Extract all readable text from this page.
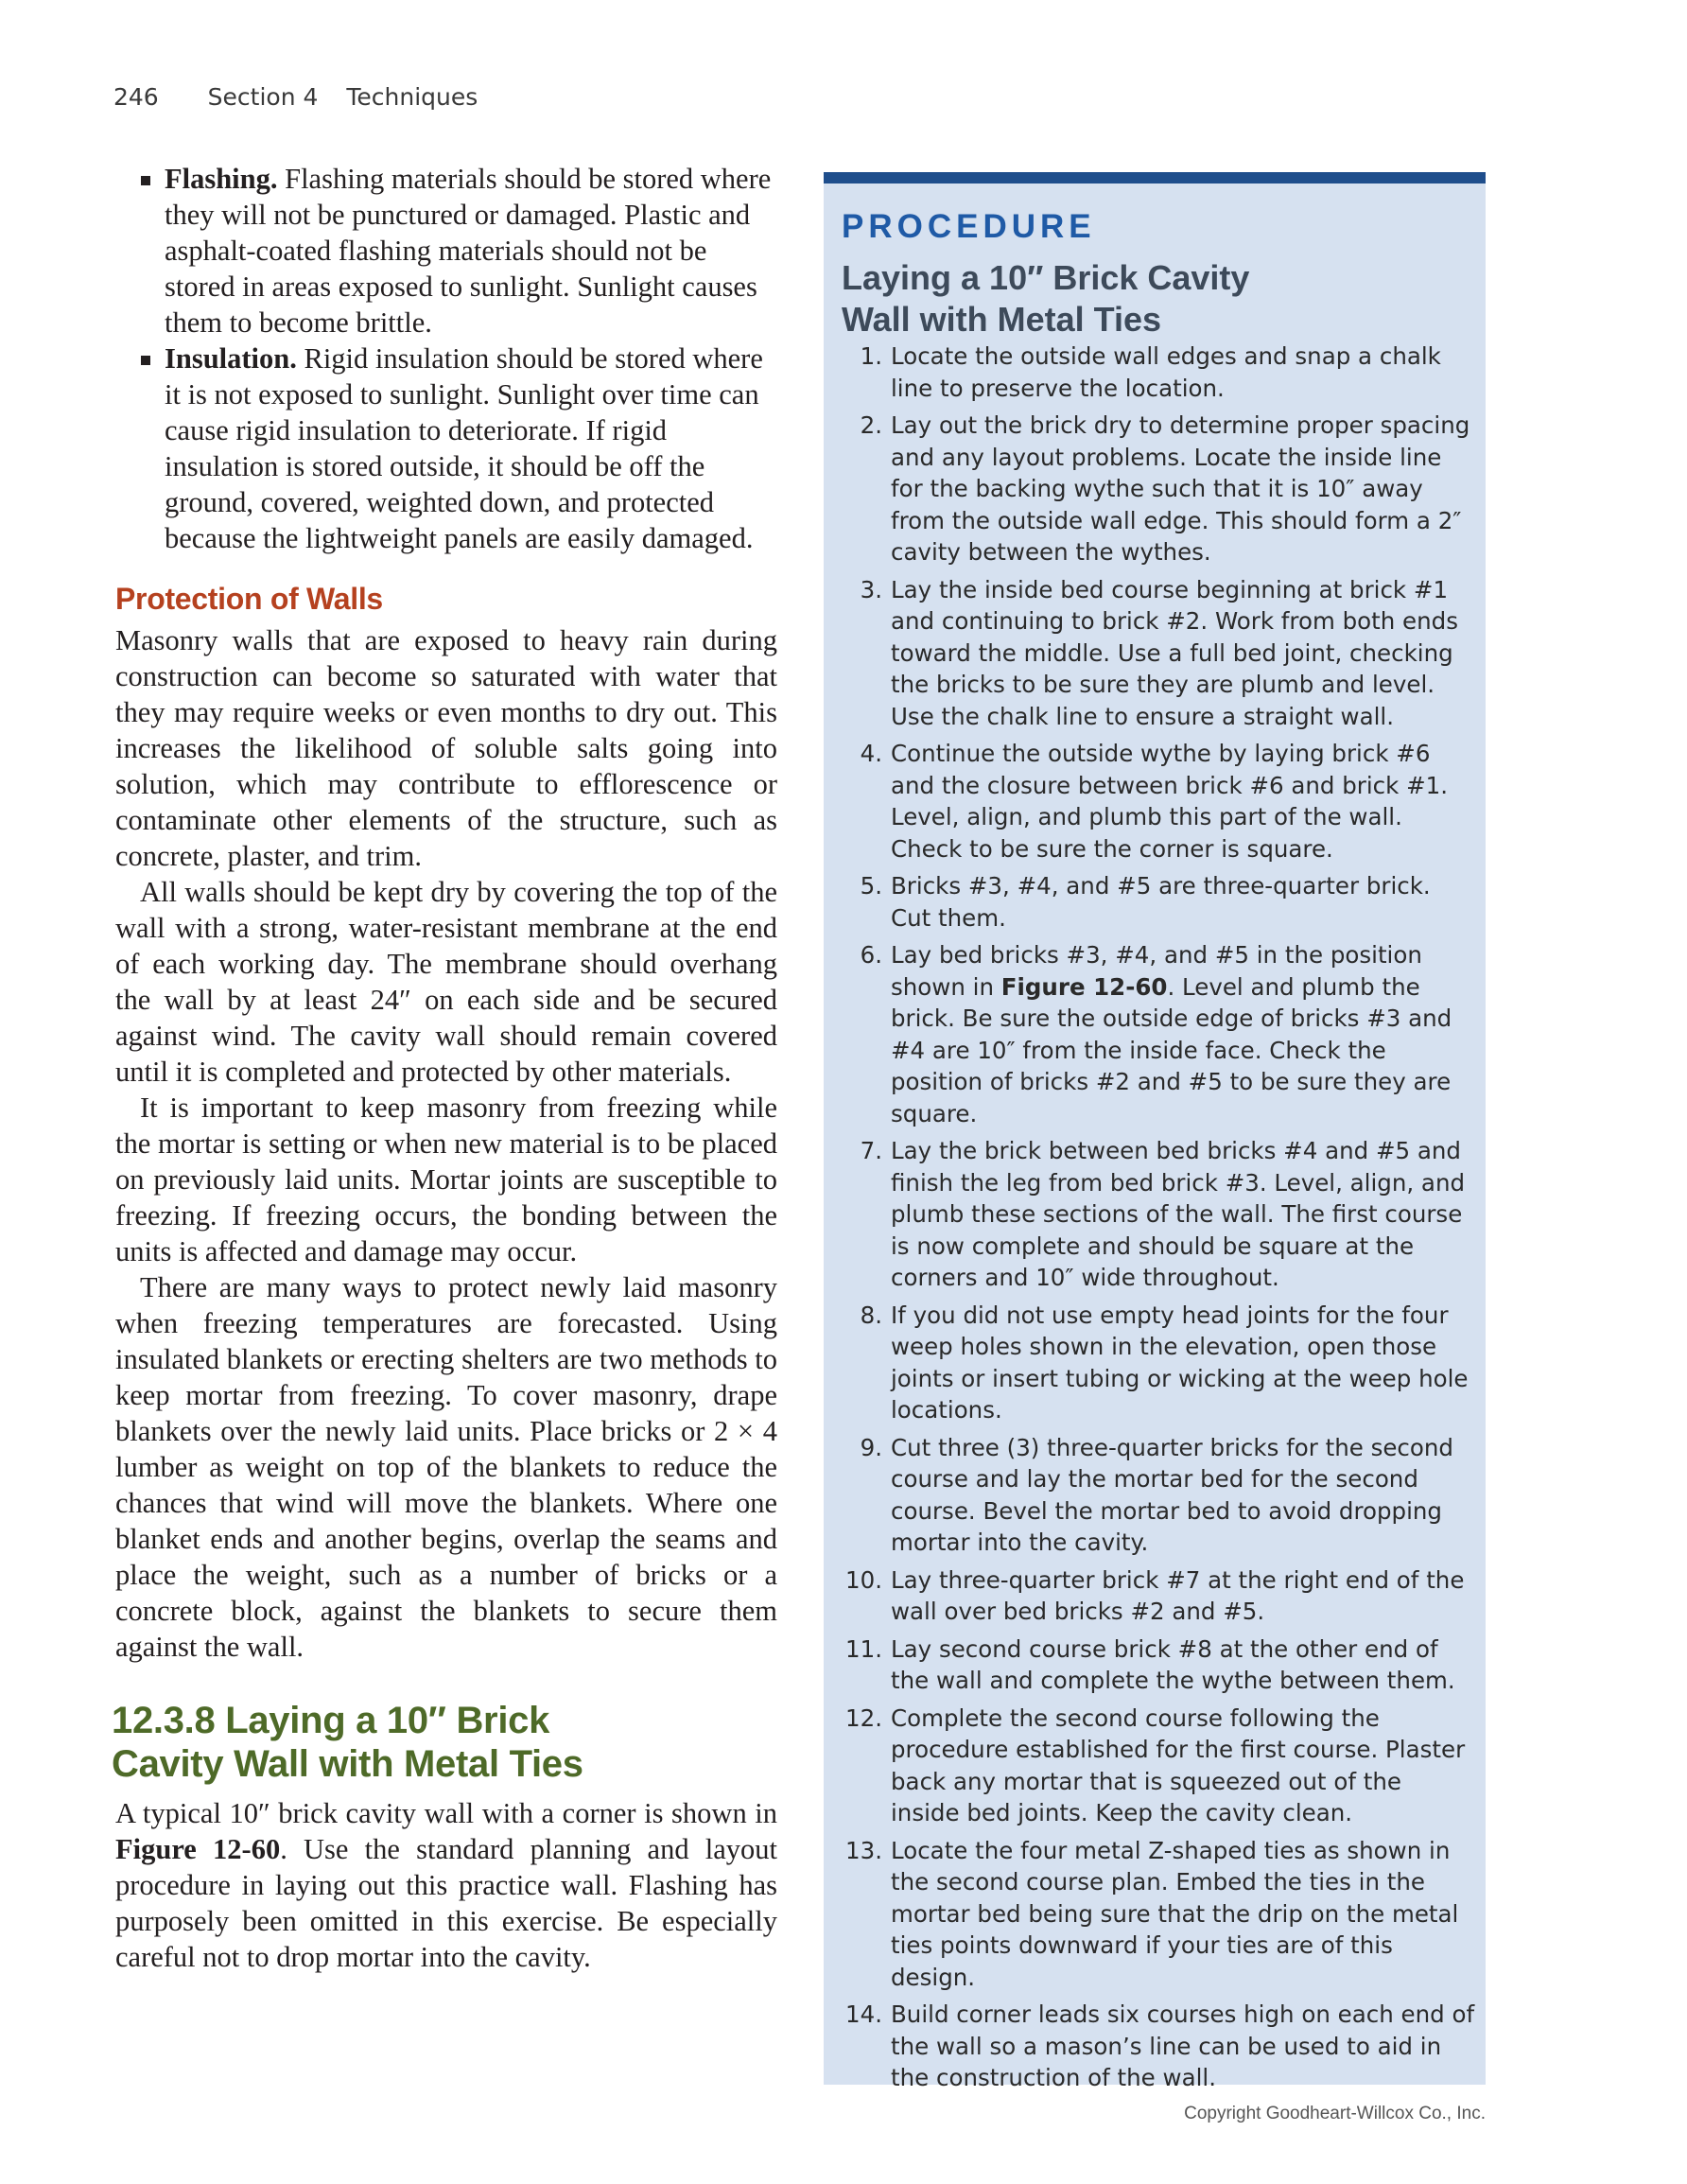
246 Section 4 Techniques
Flashing. Flashing materials should be stored where they will not be punctured or damaged. Plastic and asphalt-coated flashing materials should not be stored in areas exposed to sunlight. Sunlight causes them to become brittle.
Insulation. Rigid insulation should be stored where it is not exposed to sunlight. Sunlight over time can cause rigid insulation to deteriorate. If rigid insulation is stored outside, it should be off the ground, covered, weighted down, and protected because the lightweight panels are easily damaged.
Protection of Walls

Masonry walls that are exposed to heavy rain during construction can become so saturated with water that they may require weeks or even months to dry out. This increases the likelihood of soluble salts going into solution, which may contribute to efflorescence or contaminate other elements of the structure, such as concrete, plaster, and trim.

All walls should be kept dry by covering the top of the wall with a strong, water-resistant membrane at the end of each working day. The membrane should overhang the wall by at least 24″ on each side and be secured against wind. The cavity wall should remain covered until it is completed and protected by other materials.

It is important to keep masonry from freezing while the mortar is setting or when new material is to be placed on previously laid units. Mortar joints are susceptible to freezing. If freezing occurs, the bonding between the units is affected and damage may occur.

There are many ways to protect newly laid masonry when freezing temperatures are forecasted. Using insulated blankets or erecting shelters are two methods to keep mortar from freezing. To cover masonry, drape blankets over the newly laid units. Place bricks or 2 × 4 lumber as weight on top of the blankets to reduce the chances that wind will move the blankets. Where one blanket ends and another begins, overlap the seams and place the weight, such as a number of bricks or a concrete block, against the blankets to secure them against the wall.

12.3.8 Laying a 10″ Brick
Cavity Wall with Metal Ties

A typical 10″ brick cavity wall with a corner is shown in Figure 12-60. Use the standard planning and layout procedure in laying out this practice wall. Flashing has purposely been omitted in this exercise. Be especially careful not to drop mortar into the cavity.

PROCEDURE
Laying a 10″ Brick Cavity
Wall with Metal Ties
1. Locate the outside wall edges and snap a chalk line to preserve the location.
2. Lay out the brick dry to determine proper spacing and any layout problems. Locate the inside line for the backing wythe such that it is 10″ away from the outside wall edge. This should form a 2″ cavity between the wythes.
3. Lay the inside bed course beginning at brick #1 and continuing to brick #2. Work from both ends toward the middle. Use a full bed joint, checking the bricks to be sure they are plumb and level. Use the chalk line to ensure a straight wall.
4. Continue the outside wythe by laying brick #6 and the closure between brick #6 and brick #1. Level, align, and plumb this part of the wall. Check to be sure the corner is square.
5. Bricks #3, #4, and #5 are three-quarter brick. Cut them.
6. Lay bed bricks #3, #4, and #5 in the position shown in Figure 12-60. Level and plumb the brick. Be sure the outside edge of bricks #3 and #4 are 10″ from the inside face. Check the position of bricks #2 and #5 to be sure they are square.
7. Lay the brick between bed bricks #4 and #5 and finish the leg from bed brick #3. Level, align, and plumb these sections of the wall. The first course is now complete and should be square at the corners and 10″ wide throughout.
8. If you did not use empty head joints for the four weep holes shown in the elevation, open those joints or insert tubing or wicking at the weep hole locations.
9. Cut three (3) three-quarter bricks for the second course and lay the mortar bed for the second course. Bevel the mortar bed to avoid dropping mortar into the cavity.
10. Lay three-quarter brick #7 at the right end of the wall over bed bricks #2 and #5.
11. Lay second course brick #8 at the other end of the wall and complete the wythe between them.
12. Complete the second course following the procedure established for the first course. Plaster back any mortar that is squeezed out of the inside bed joints. Keep the cavity clean.
13. Locate the four metal Z-shaped ties as shown in the second course plan. Embed the ties in the mortar bed being sure that the drip on the metal ties points downward if your ties are of this design.
14. Build corner leads six courses high on each end of the wall so a mason’s line can be used to aid in the construction of the wall.
Copyright Goodheart-Willcox Co., Inc.
